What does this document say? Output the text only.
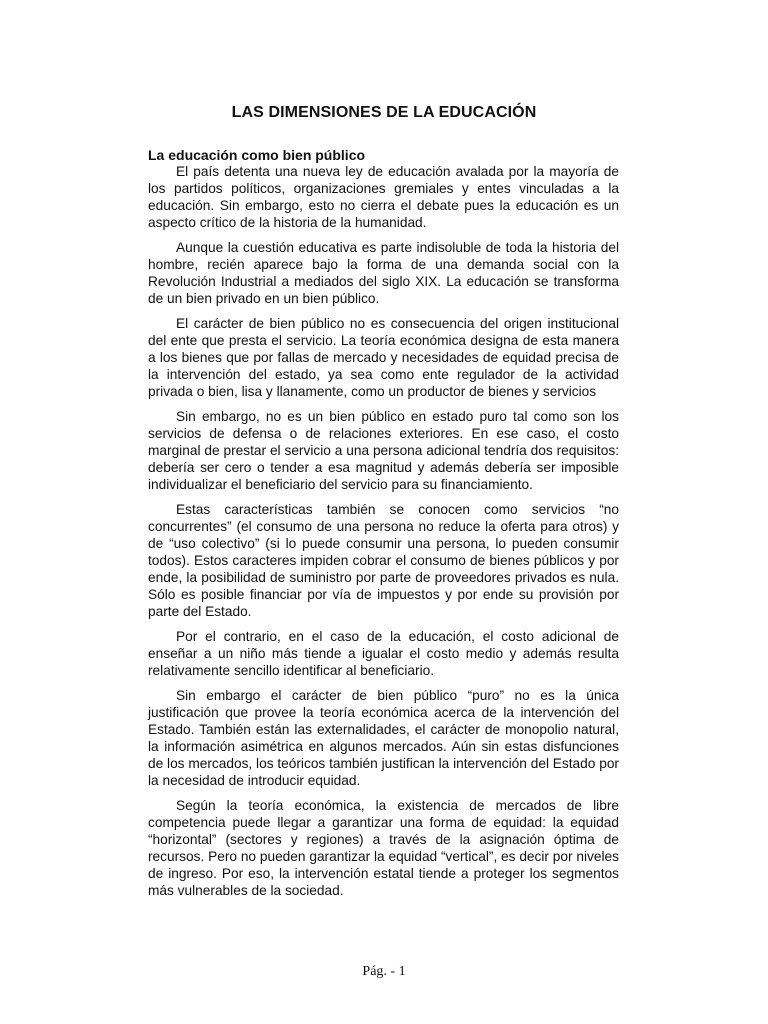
LAS DIMENSIONES DE LA EDUCACIÓN
La educación como bien público

El país detenta una nueva ley de educación avalada por la mayoría de los partidos políticos, organizaciones gremiales y entes vinculadas a la educación. Sin embargo, esto no cierra el debate pues la educación es un aspecto crítico de la historia de la humanidad.

Aunque la cuestión educativa es parte indisoluble de toda la historia del hombre, recién aparece bajo la forma de una demanda social con la Revolución Industrial a mediados del siglo XIX. La educación se transforma de un bien privado en un bien público.

El carácter de bien público no es consecuencia del origen institucional del ente que presta el servicio. La teoría económica designa de esta manera a los bienes que por fallas de mercado y necesidades de equidad precisa de la intervención del estado, ya sea como ente regulador de la actividad privada o bien, lisa y llanamente, como un productor de bienes y servicios

Sin embargo, no es un bien público en estado puro tal como son los servicios de defensa o de relaciones exteriores. En ese caso, el costo marginal de prestar el servicio a una persona adicional tendría dos requisitos: debería ser cero o tender a esa magnitud y además debería ser imposible individualizar el beneficiario del servicio para su financiamiento.

Estas características también se conocen como servicios “no concurrentes” (el consumo de una persona no reduce la oferta para otros) y de “uso colectivo” (si lo puede consumir una persona, lo pueden consumir todos). Estos caracteres impiden cobrar el consumo de bienes públicos y por ende, la posibilidad de suministro por parte de proveedores privados es nula. Sólo es posible financiar por vía de impuestos y por ende su provisión por parte del Estado.

Por el contrario, en el caso de la educación, el costo adicional de enseñar a un niño más tiende a igualar el costo medio y además resulta relativamente sencillo identificar al beneficiario.

Sin embargo el carácter de bien público “puro” no es la única justificación que provee la teoría económica acerca de la intervención del Estado. También están las externalidades, el carácter de monopolio natural, la información asimétrica en algunos mercados. Aún sin estas disfunciones de los mercados, los teóricos también justifican la intervención del Estado por la necesidad de introducir equidad.

Según la teoría económica, la existencia de mercados de libre competencia puede llegar a garantizar una forma de equidad: la equidad “horizontal” (sectores y regiones) a través de la asignación óptima de recursos. Pero no pueden garantizar la equidad “vertical”, es decir por niveles de ingreso. Por eso, la intervención estatal tiende a proteger los segmentos más vulnerables de la sociedad.

Pág. - 1
